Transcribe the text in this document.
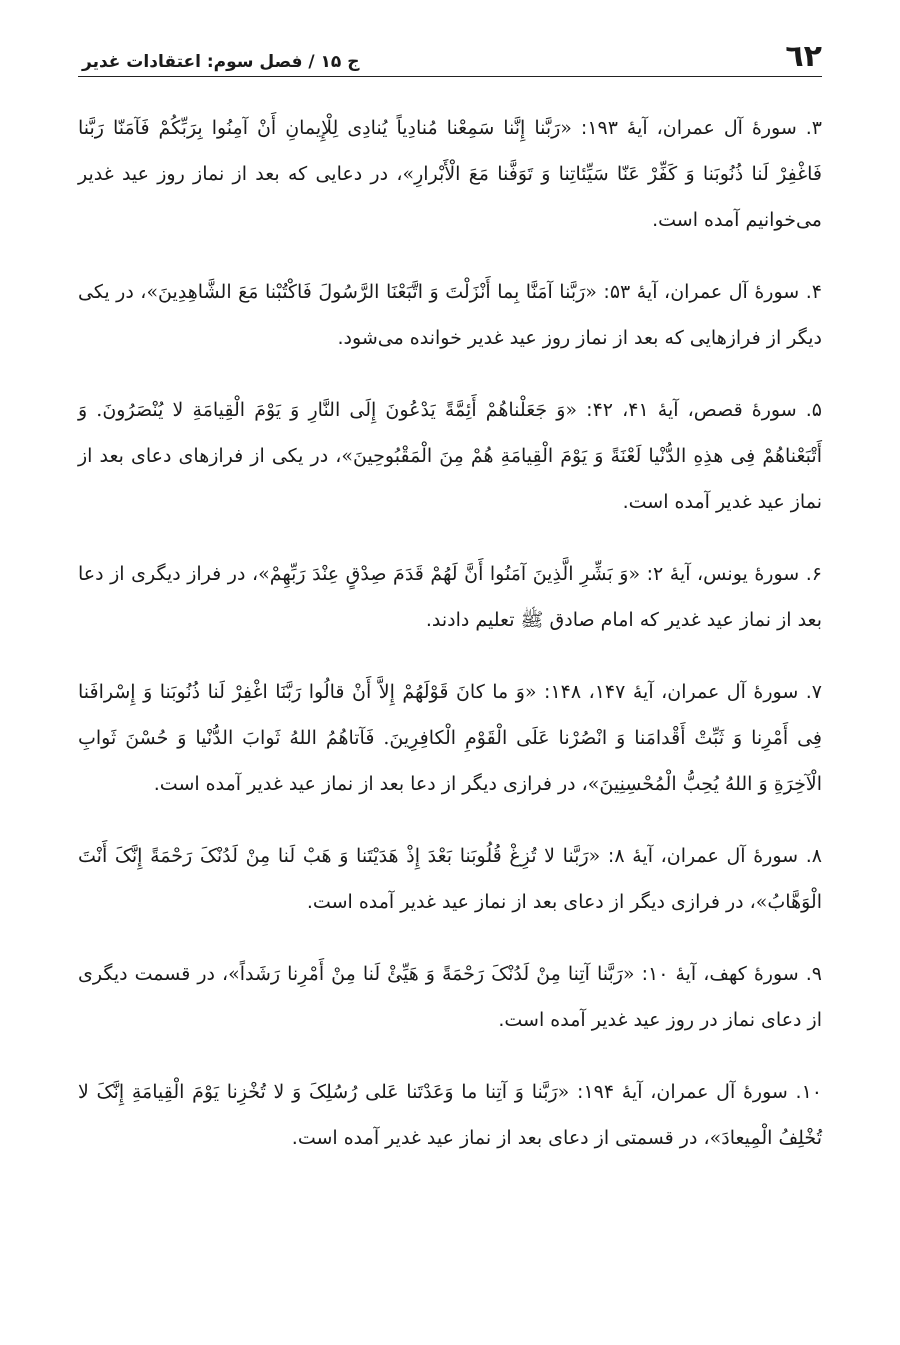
٦٢
ج ۱۵ / فصل سوم: اعتقادات غدیر

۳. سورۀ آل عمران، آیۀ ۱۹۳: «رَبَّنا إِنَّنا سَمِعْنا مُنادِیاً یُنادِی لِلْإِیمانِ أَنْ آمِنُوا بِرَبِّکُمْ فَآمَنّا رَبَّنا فَاغْفِرْ لَنا ذُنُوبَنا وَ کَفِّرْ عَنّا سَیِّئاتِنا وَ تَوَفَّنا مَعَ الْأَبْرارِ»، در دعایی که بعد از نماز روز عید غدیر می‌خوانیم آمده است.

۴. سورۀ آل عمران، آیۀ ۵۳: «رَبَّنا آمَنَّا بِما أَنْزَلْتَ وَ اتَّبَعْنَا الرَّسُولَ فَاکْتُبْنا مَعَ الشَّاهِدِینَ»، در یکی دیگر از فرازهایی که بعد از نماز روز عید غدیر خوانده می‌شود.

۵. سورۀ قصص، آیۀ ۴۱، ۴۲: «وَ جَعَلْناهُمْ أَئِمَّةً یَدْعُونَ إِلَی النَّارِ وَ یَوْمَ الْقِیامَةِ لا یُنْصَرُونَ. وَ أَتْبَعْناهُمْ فِی هذِهِ الدُّنْیا لَعْنَةً وَ یَوْمَ الْقِیامَةِ هُمْ مِنَ الْمَقْبُوحِینَ»، در یکی از فرازهای دعای بعد از نماز عید غدیر آمده است.

۶. سورۀ یونس، آیۀ ۲: «وَ بَشِّرِ الَّذِینَ آمَنُوا أَنَّ لَهُمْ قَدَمَ صِدْقٍ عِنْدَ رَبِّهِمْ»، در فراز دیگری از دعا بعد از نماز عید غدیر که امام صادق ﷺ تعلیم دادند.

۷. سورۀ آل عمران، آیۀ ۱۴۷، ۱۴۸: «وَ ما کانَ قَوْلَهُمْ إِلاَّ أَنْ قالُوا رَبَّنَا اغْفِرْ لَنا ذُنُوبَنا وَ إِسْرافَنا فِی أَمْرِنا وَ ثَبِّتْ أَقْدامَنا وَ انْصُرْنا عَلَی الْقَوْمِ الْکافِرِینَ. فَآتاهُمُ اللهُ ثَوابَ الدُّنْیا وَ حُسْنَ ثَوابِ الْآخِرَةِ وَ اللهُ یُحِبُّ الْمُحْسِنِینَ»، در فرازی دیگر از دعا بعد از نماز عید غدیر آمده است.

۸. سورۀ آل عمران، آیۀ ۸: «رَبَّنا لا تُزِغْ قُلُوبَنا بَعْدَ إِذْ هَدَیْتَنا وَ هَبْ لَنا مِنْ لَدُنْکَ رَحْمَةً إِنَّکَ أَنْتَ الْوَهَّابُ»، در فرازی دیگر از دعای بعد از نماز عید غدیر آمده است.

۹. سورۀ کهف، آیۀ ۱۰: «رَبَّنا آتِنا مِنْ لَدُنْکَ رَحْمَةً وَ هَیِّئْ لَنا مِنْ أَمْرِنا رَشَداً»، در قسمت دیگری از دعای نماز در روز عید غدیر آمده است.

۱۰. سورۀ آل عمران، آیۀ ۱۹۴: «رَبَّنا وَ آتِنا ما وَعَدْتَنا عَلی رُسُلِکَ وَ لا تُخْزِنا یَوْمَ الْقِیامَةِ إِنَّکَ لا تُخْلِفُ الْمِیعادَ»، در قسمتی از دعای بعد از نماز عید غدیر آمده است.
